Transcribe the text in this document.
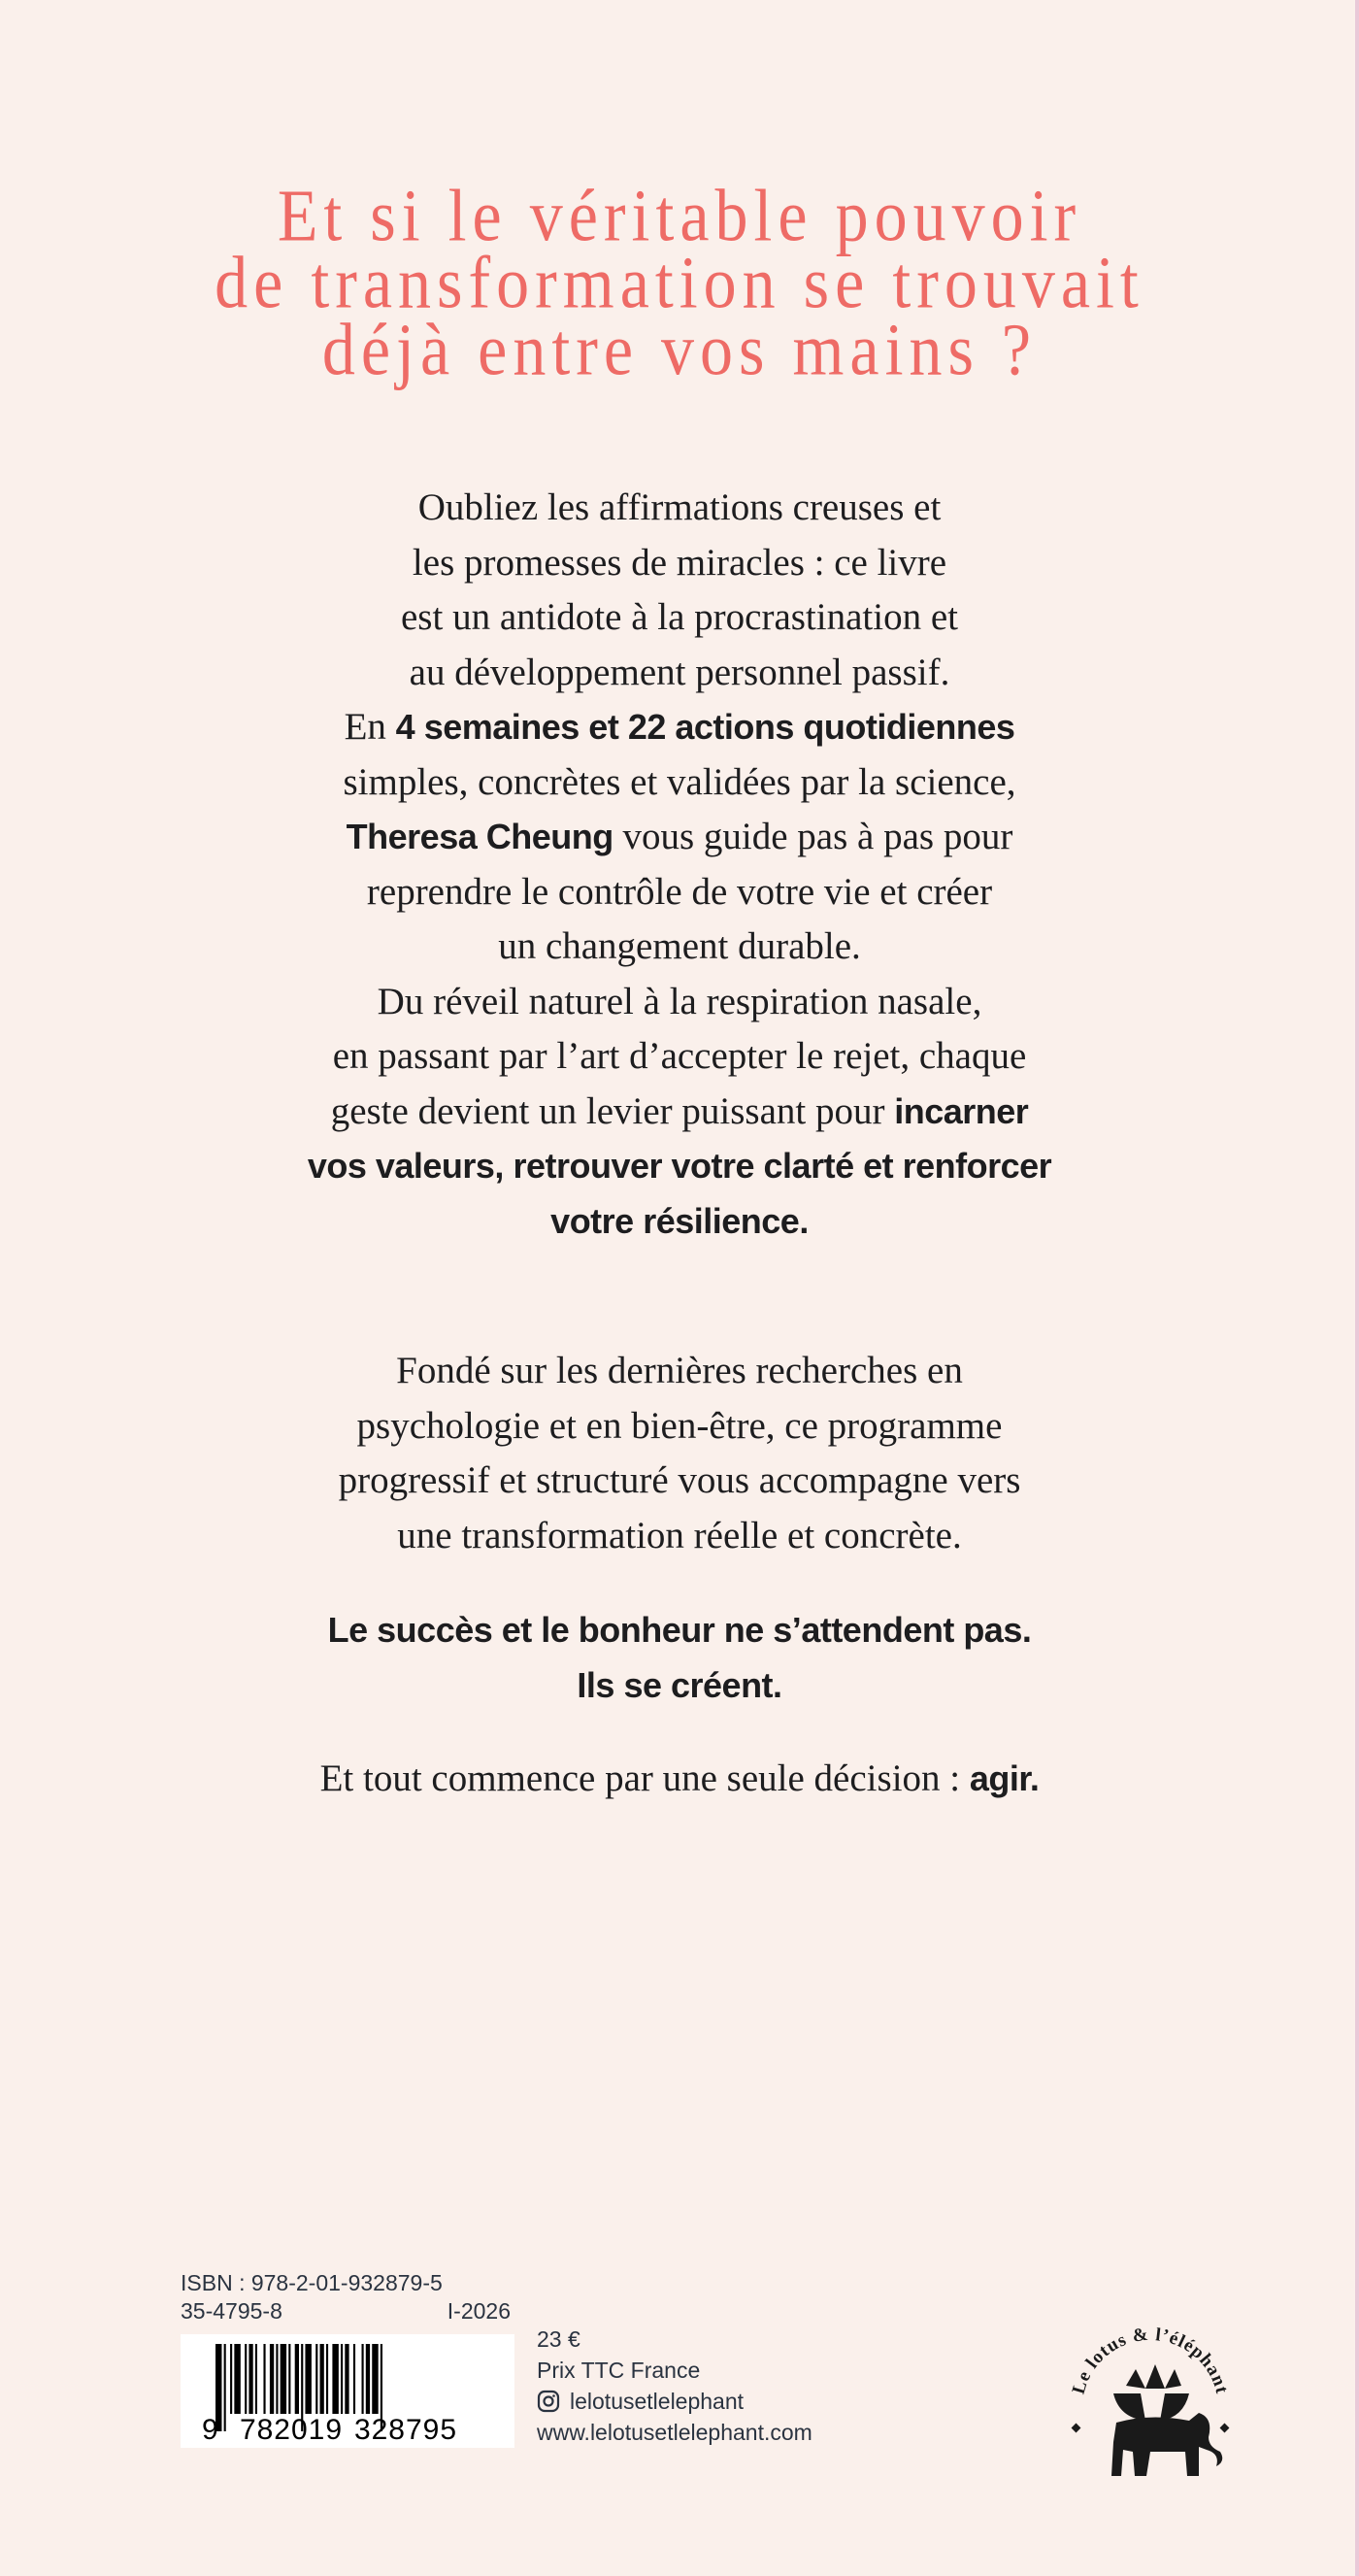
Et si le véritable pouvoir
de transformation se trouvait
déjà entre vos mains ?
Oubliez les affirmations creuses et
les promesses de miracles : ce livre
est un antidote à la procrastination et
au développement personnel passif.
En 4 semaines et 22 actions quotidiennes
simples, concrètes et validées par la science,
Theresa Cheung vous guide pas à pas pour
reprendre le contrôle de votre vie et créer
un changement durable.
Du réveil naturel à la respiration nasale,
en passant par l’art d’accepter le rejet, chaque
geste devient un levier puissant pour incarner
vos valeurs, retrouver votre clarté et renforcer
votre résilience.
Fondé sur les dernières recherches en
psychologie et en bien-être, ce programme
progressif et structuré vous accompagne vers
une transformation réelle et concrète.
Le succès et le bonheur ne s’attendent pas.
Ils se créent.
Et tout commence par une seule décision : agir.
ISBN : 978-2-01-932879-5
35-4795-8	I-2026
9 782019 328795
23 €
Prix TTC France
lelotusetlelephant
www.lelotusetlelephant.com
Le lotus & l’éléphant
